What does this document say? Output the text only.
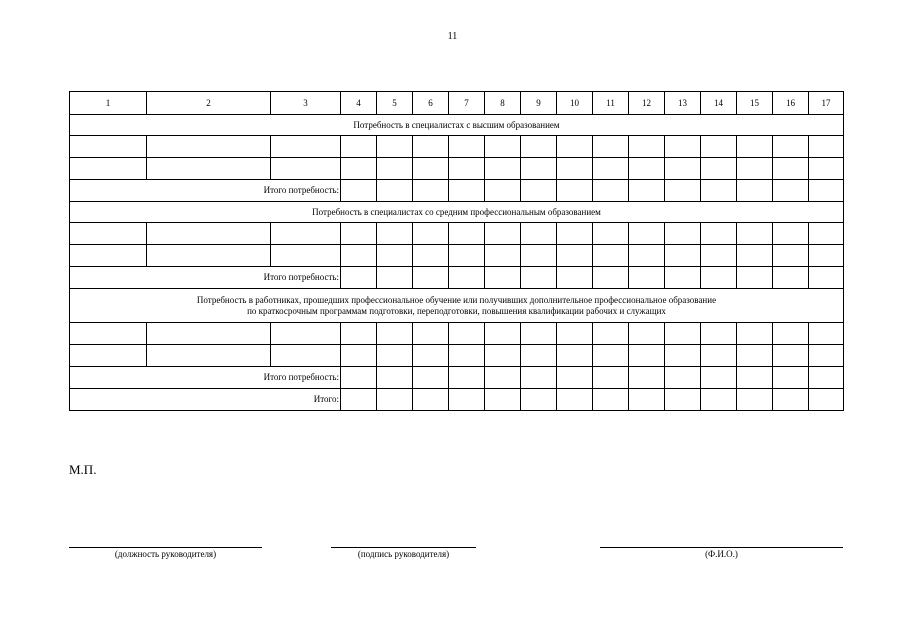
11
1	2	3	4	5	6	7	8	9	10	11	12	13	14	15	16	17
Потребность в специалистах с высшим образованием																

Итого потребность:																
Потребность в специалистах со средним профессиональным образованием																

Итого потребность:																

Потребность в работниках, прошедших профессиональное обучение или получивших дополнительное профессиональное образование
по краткосрочным программам подготовки, переподготовки, повышения квалификации рабочих и служащих																

Итого потребность:																
Итого:																
М.П.
(должность руководителя)	(подпись руководителя)	(Ф.И.О.)
